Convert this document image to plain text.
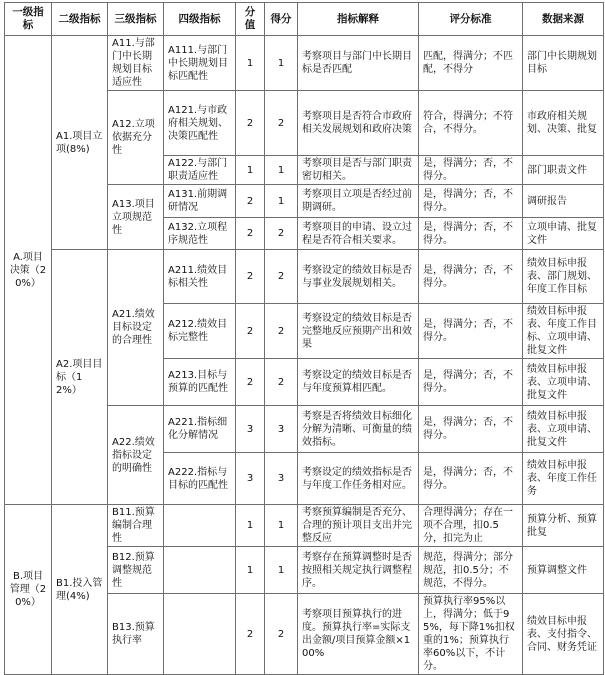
一级指标	二级指标	三级指标	四级指标	分值	得分	指标解释	评分标准	数据来源
A.项目决策（20%）	A1.项目立项(8%)	A11.与部门中长期规划目标适应性	A111.与部门中长期规划目标匹配性	1	1	考察项目与部门中长期目标是否匹配	匹配，得满分；不匹配，不得分	部门中长期规划目标
		A12.立项依据充分性	A121.与市政府相关规划、决策匹配性	2	2	考察项目是否符合市政府相关发展规划和政府决策	符合，得满分；不符合，不得分。	市政府相关规划、决策、批复
			A122.与部门职责适应性	1	1	考察项目是否与部门职责密切相关。	是，得满分；否，不得分。	部门职责文件
		A13.项目立项规范性	A131.前期调研情况	2	1	考察项目立项是否经过前期调研。	是，得满分；否，不得分。	调研报告
			A132.立项程序规范性	2	2	考察项目的申请、设立过程是否符合相关要求。	是，得满分；否，不得分。	立项申请、批复文件
	A2.项目目标（12%）	A21.绩效目标设定的合理性	A211.绩效目标相关性	2	2	考察设定的绩效目标是否与事业发展规划相关。	是，得满分；否，不得分。	绩效目标申报表、部门规划、年度工作目标
			A212.绩效目标完整性	2	2	考察设定的绩效目标是否完整地反应预期产出和效果	是，得满分；否，不得分。	绩效目标申报表、年度工作目标、立项申请、批复文件
			A213.目标与预算的匹配性	2	2	考察设定的绩效目标是否与年度预算相匹配。	是，得满分；否，不得分。	绩效目标申报表、立项申请、批复文件
		A22.绩效指标设定的明确性	A221.指标细化分解情况	3	3	考察是否将绩效目标细化分解为清晰、可衡量的绩效指标。	是，得满分；否，不得分。	绩效目标申报表、立项申请、批复文件
			A222.指标与目标的匹配性	3	3	考察设定的绩效指标是否与年度工作任务相对应。	是，得满分；否，不得分。	绩效目标申报表、年度工作任务
B.项目管理（20%）	B1.投入管理(4%)	B11.预算编制合理性		1	1	考察预算编制是否充分、合理的预计项目支出并完整反应	合理得满分；存在一项不合理，扣0.5分，扣完为止	预算分析、预算批复
		B12.预算调整规范性		1	1	考察存在预算调整时是否按照相关规定执行调整程序。	规范，得满分；部分规范，扣0.5分；不规范，不得分。	预算调整文件
		B13.预算执行率		2	2	考察项目预算执行的进度。预算执行率=实际支出金额/项目预算金额×100%	预算执行率95%以上，得满分；低于95%，每下降1%扣权重的1%；预算执行率60%以下，不计分。	绩效目标申报表、支付指令、合同、财务凭证
